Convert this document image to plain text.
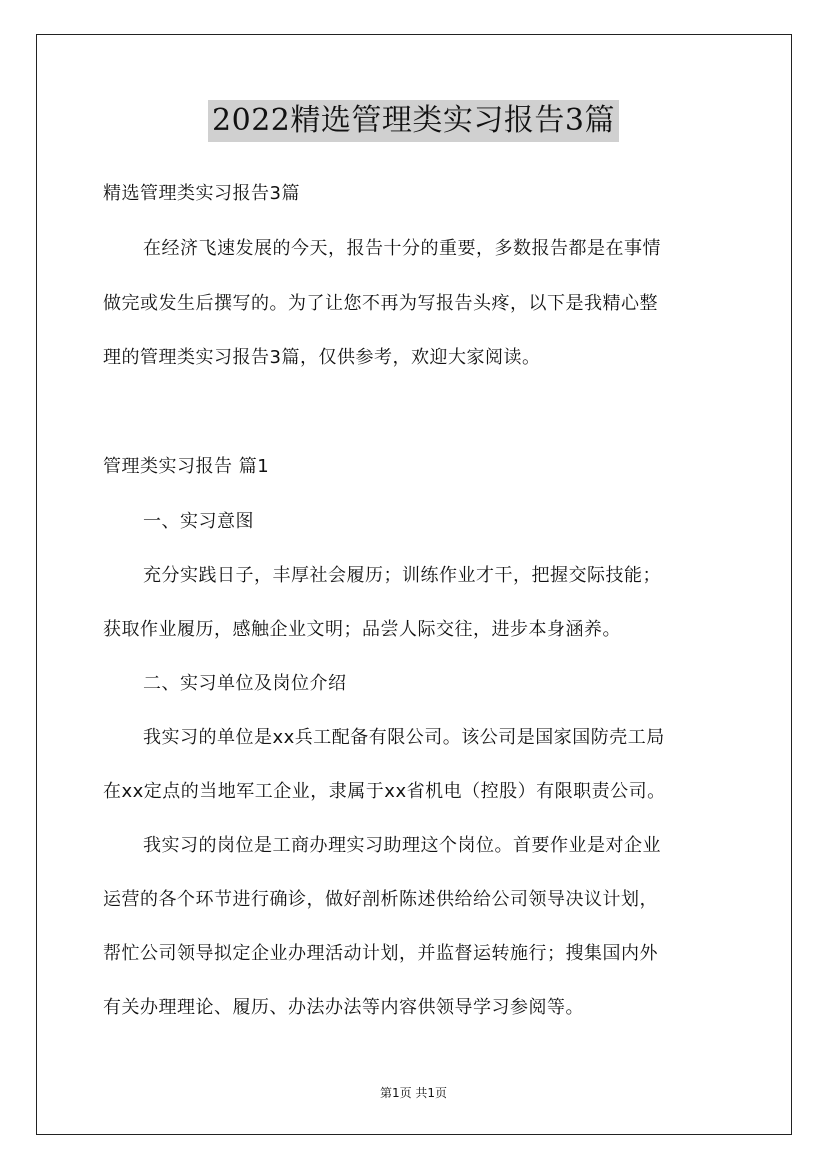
2022精选管理类实习报告3篇
精选管理类实习报告3篇
在经济飞速发展的今天，报告十分的重要，多数报告都是在事情
做完或发生后撰写的。为了让您不再为写报告头疼，以下是我精心整
理的管理类实习报告3篇，仅供参考，欢迎大家阅读。
管理类实习报告 篇1
一、实习意图
充分实践日子，丰厚社会履历；训练作业才干，把握交际技能；
获取作业履历，感触企业文明；品尝人际交往，进步本身涵养。
二、实习单位及岗位介绍
我实习的单位是xx兵工配备有限公司。该公司是国家国防壳工局
在xx定点的当地军工企业，隶属于xx省机电（控股）有限职责公司。
我实习的岗位是工商办理实习助理这个岗位。首要作业是对企业
运营的各个环节进行确诊，做好剖析陈述供给给公司领导决议计划，
帮忙公司领导拟定企业办理活动计划，并监督运转施行；搜集国内外
有关办理理论、履历、办法办法等内容供领导学习参阅等。
第1页 共1页
